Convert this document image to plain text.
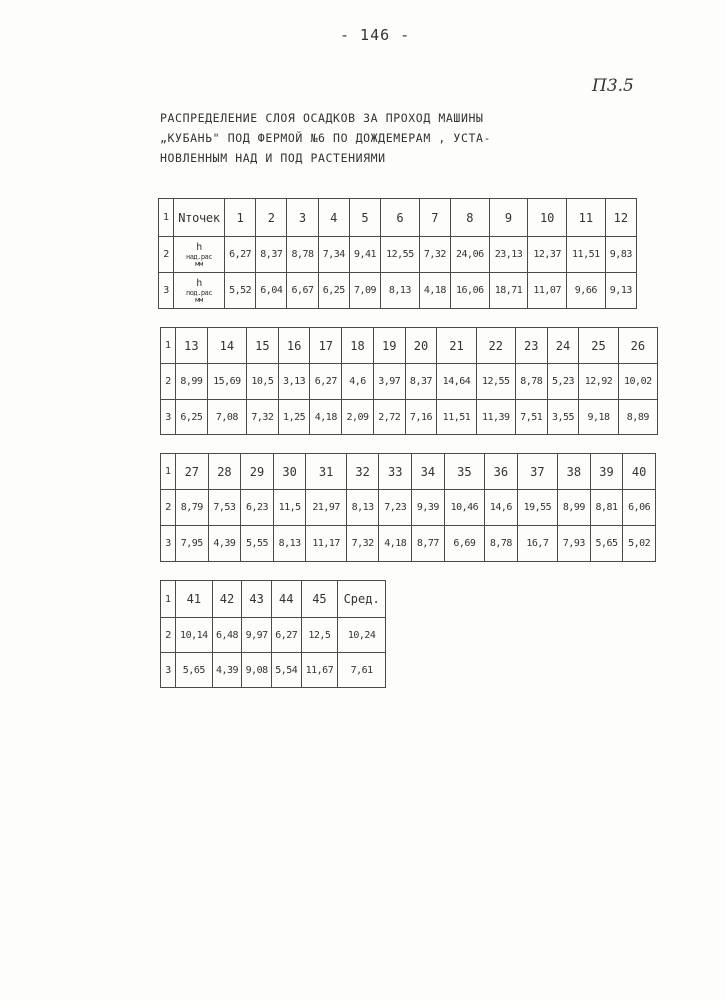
- 146 -
П3.5
РАСПРЕДЕЛЕНИЕ СЛОЯ ОСАДКОВ ЗА ПРОХОД МАШИНЫ
„КУБАНЬ" ПОД ФЕРМОЙ №6 ПО ДОЖДЕМЕРАМ , УСТА-
НОВЛЕННЫМ НАД И ПОД РАСТЕНИЯМИ
1	Nточек	1	2	3	4	5	6	7	8	9	10	11	12
2	h
над.рас
мм	6,27	8,37	8,78	7,34	9,41	12,55	7,32	24,06	23,13	12,37	11,51	9,83
3	h
под.рас
мм	5,52	6,04	6,67	6,25	7,09	8,13	4,18	16,06	18,71	11,07	9,66	9,13
1	13	14	15	16	17	18	19	20	21	22	23	24	25	26
2	8,99	15,69	10,5	3,13	6,27	4,6	3,97	8,37	14,64	12,55	8,78	5,23	12,92	10,02
3	6,25	7,08	7,32	1,25	4,18	2,09	2,72	7,16	11,51	11,39	7,51	3,55	9,18	8,89
1	27	28	29	30	31	32	33	34	35	36	37	38	39	40
2	8,79	7,53	6,23	11,5	21,97	8,13	7,23	9,39	10,46	14,6	19,55	8,99	8,81	6,06
3	7,95	4,39	5,55	8,13	11,17	7,32	4,18	8,77	6,69	8,78	16,7	7,93	5,65	5,02
1	41	42	43	44	45	Сред.
2	10,14	6,48	9,97	6,27	12,5	10,24
3	5,65	4,39	9,08	5,54	11,67	7,61
